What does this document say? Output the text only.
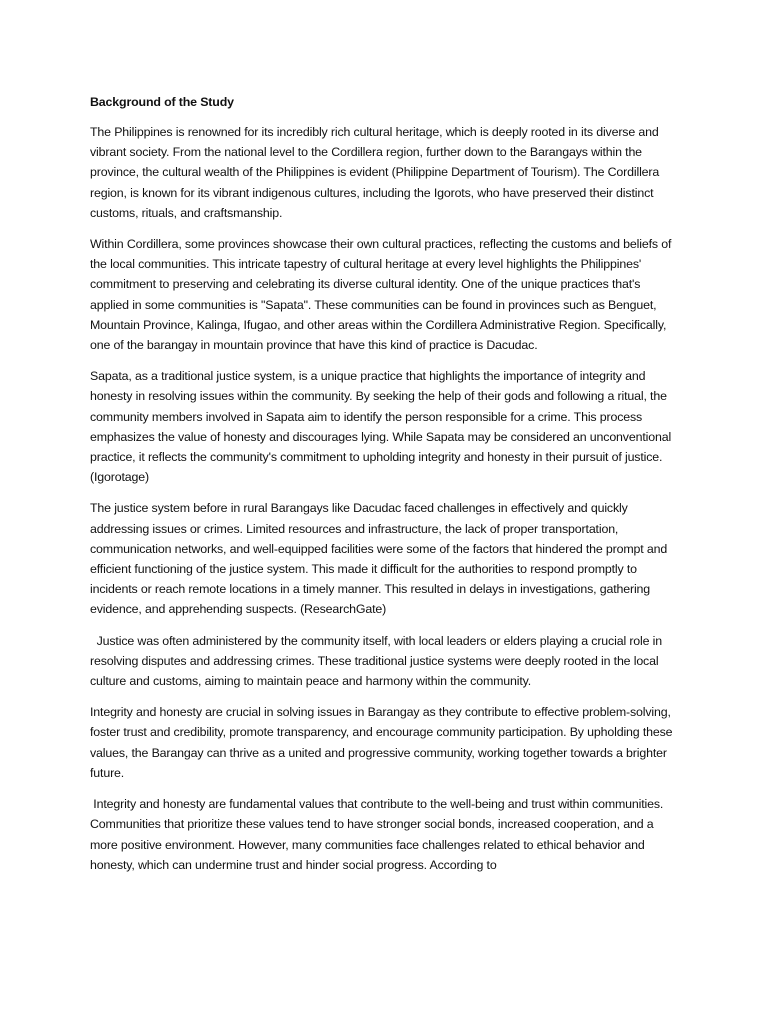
Background of the Study

The Philippines is renowned for its incredibly rich cultural heritage, which is deeply rooted in its diverse and vibrant society. From the national level to the Cordillera region, further down to the Barangays within the province, the cultural wealth of the Philippines is evident (Philippine Department of Tourism). The Cordillera region, is known for its vibrant indigenous cultures, including the Igorots, who have preserved their distinct customs, rituals, and craftsmanship.

Within Cordillera, some provinces showcase their own cultural practices, reflecting the customs and beliefs of the local communities. This intricate tapestry of cultural heritage at every level highlights the Philippines' commitment to preserving and celebrating its diverse cultural identity. One of the unique practices that's applied in some communities is "Sapata". These communities can be found in provinces such as Benguet, Mountain Province, Kalinga, Ifugao, and other areas within the Cordillera Administrative Region. Specifically, one of the barangay in mountain province that have this kind of practice is Dacudac.

Sapata, as a traditional justice system, is a unique practice that highlights the importance of integrity and honesty in resolving issues within the community. By seeking the help of their gods and following a ritual, the community members involved in Sapata aim to identify the person responsible for a crime. This process emphasizes the value of honesty and discourages lying. While Sapata may be considered an unconventional practice, it reflects the community's commitment to upholding integrity and honesty in their pursuit of justice. (Igorotage)

The justice system before in rural Barangays like Dacudac faced challenges in effectively and quickly addressing issues or crimes. Limited resources and infrastructure, the lack of proper transportation, communication networks, and well-equipped facilities were some of the factors that hindered the prompt and efficient functioning of the justice system. This made it difficult for the authorities to respond promptly to incidents or reach remote locations in a timely manner. This resulted in delays in investigations, gathering evidence, and apprehending suspects. (ResearchGate)

Justice was often administered by the community itself, with local leaders or elders playing a crucial role in resolving disputes and addressing crimes. These traditional justice systems were deeply rooted in the local culture and customs, aiming to maintain peace and harmony within the community.

Integrity and honesty are crucial in solving issues in Barangay as they contribute to effective problem-solving, foster trust and credibility, promote transparency, and encourage community participation. By upholding these values, the Barangay can thrive as a united and progressive community, working together towards a brighter future.

Integrity and honesty are fundamental values that contribute to the well-being and trust within communities. Communities that prioritize these values tend to have stronger social bonds, increased cooperation, and a more positive environment. However, many communities face challenges related to ethical behavior and honesty, which can undermine trust and hinder social progress. According to
